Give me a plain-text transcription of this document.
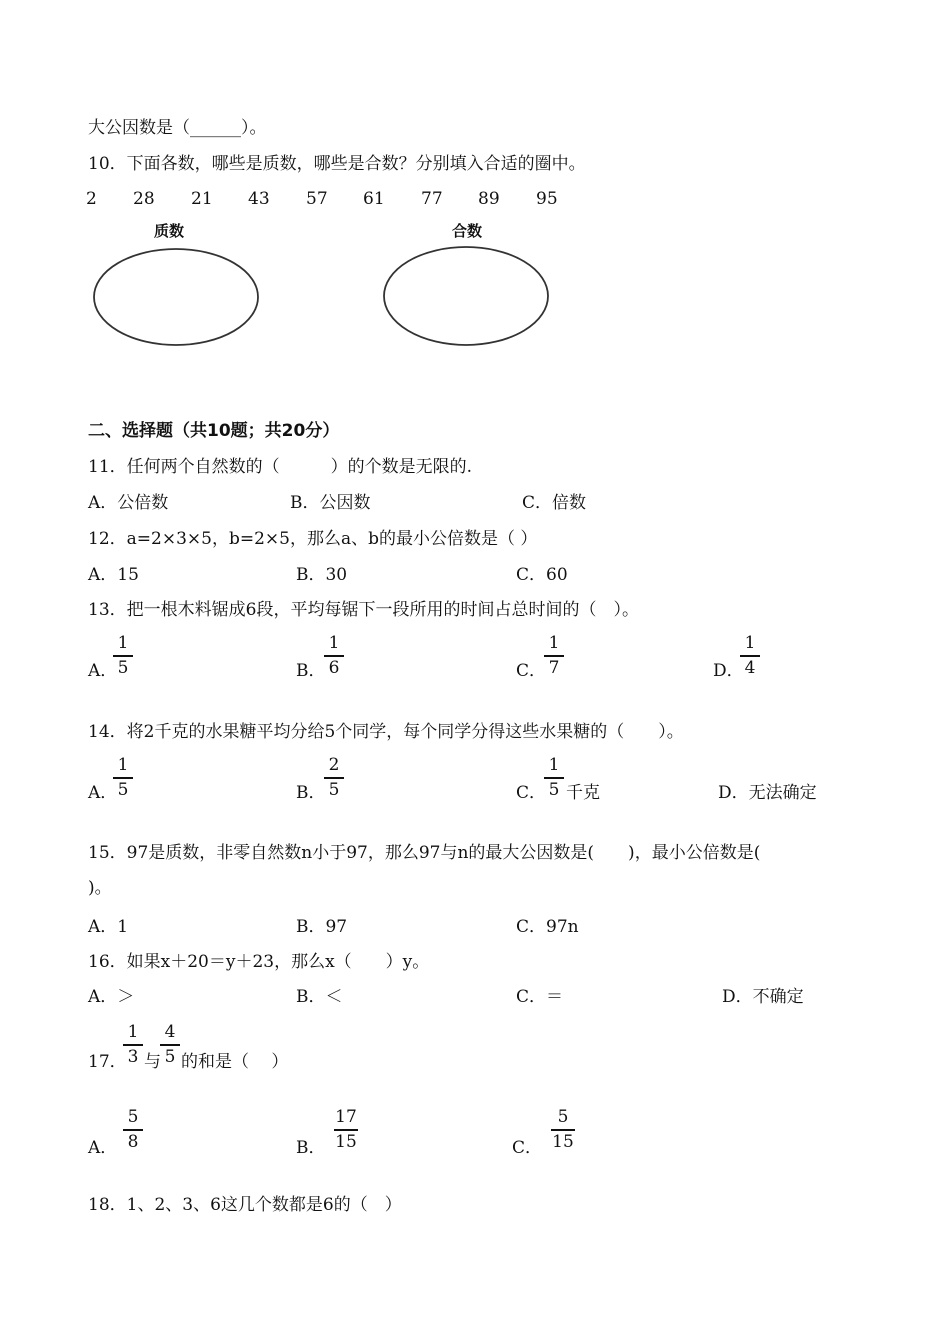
大公因数是（______）。
10．下面各数，哪些是质数，哪些是合数？分别填入合适的圈中。
2 28 21 43 57 61 77 89 95
质数	合数
二、选择题（共10题；共20分）
11．任何两个自然数的（　　　）的个数是无限的.
A．公倍数	B．公因数	C．倍数
12．a=2×3×5，b=2×5，那么a、b的最小公倍数是（ ）
A．15	B．30	C．60
13．把一根木料锯成6段，平均每锯下一段所用的时间占总时间的（　）。
A．
1
5	B．
1
6	C．
1
7	D．
1
4
14．将2千克的水果糖平均分给5个同学，每个同学分得这些水果糖的（　　）。
A．
1
5	B．
2
5	C．
1
5 千克	D．无法确定
15．97是质数，非零自然数n小于97，那么97与n的最大公因数是(　　)，最小公倍数是(
)。
A．1	B．97	C．97n
16．如果x＋20＝y＋23，那么x（　　）y。
A．＞	B．＜	C．＝	D．不确定
17．
1
3 与
4
5 的和是（　 ）
A．
5
8	B．
17
15	C．
5
15
18．1、2、3、6这几个数都是6的（　）
